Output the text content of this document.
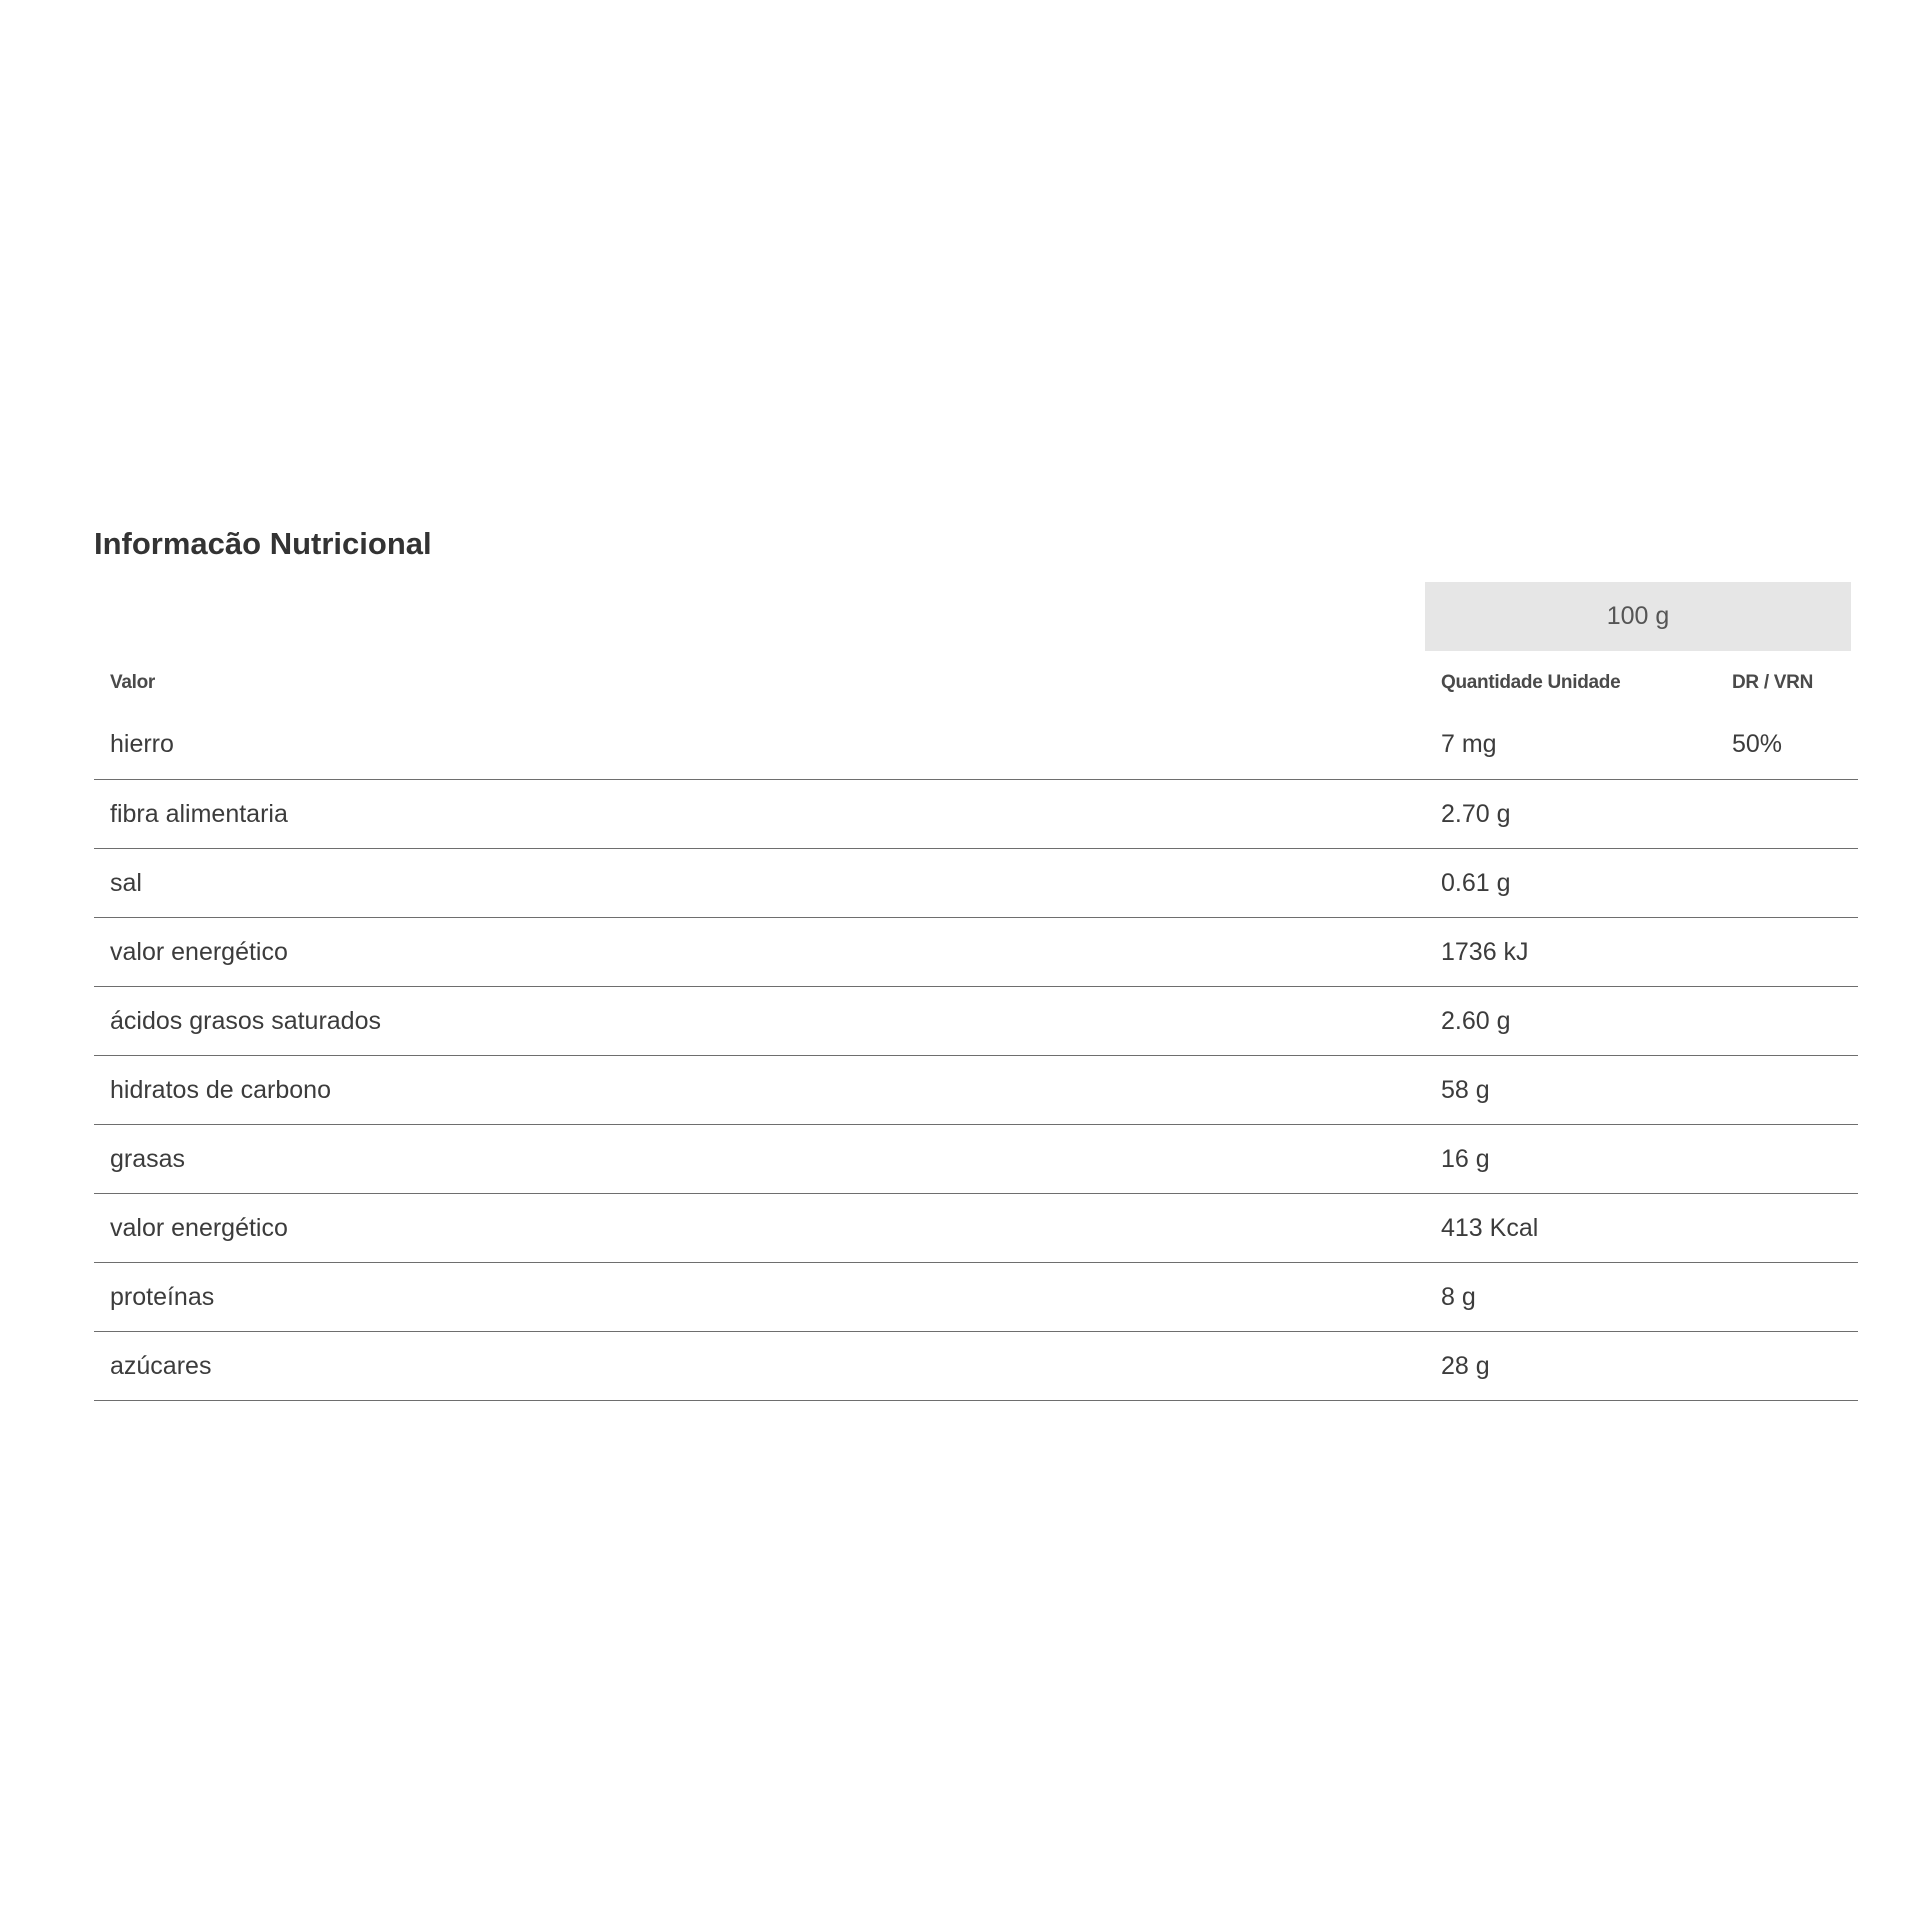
Informacão Nutricional
100 g
Valor	Quantidade Unidade	DR / VRN
hierro	7 mg	50%
fibra alimentaria	2.70 g	
sal	0.61 g	
valor energético	1736 kJ	
ácidos grasos saturados	2.60 g	
hidratos de carbono	58 g	
grasas	16 g	
valor energético	413 Kcal	
proteínas	8 g	
azúcares	28 g	
